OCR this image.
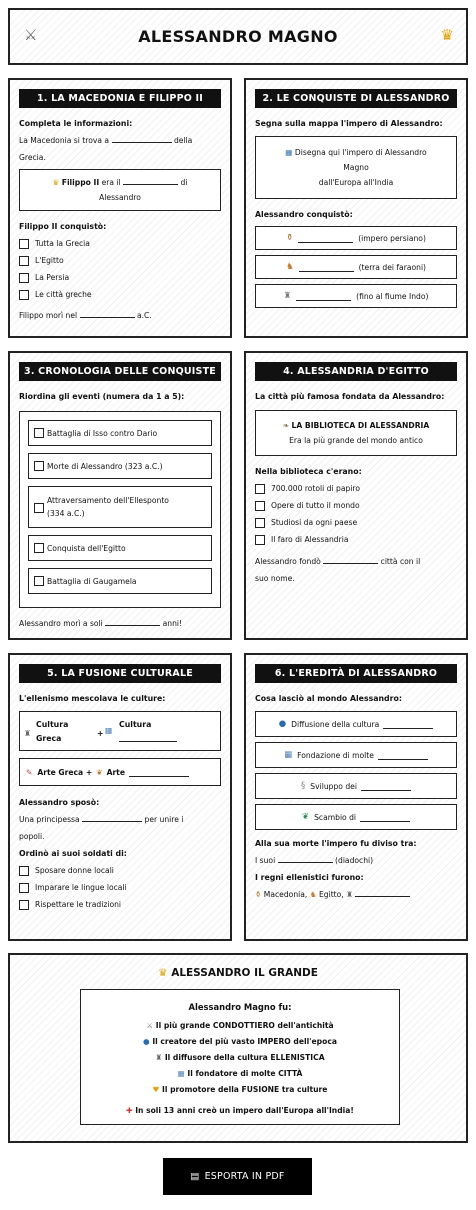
⚔	ALESSANDRO MAGNO	♛
1. LA MACEDONIA E FILIPPO II
Completa le informazioni:
La Macedonia si trova a	della Grecia.
♛ Filippo II era il	di
Alessandro
Filippo II conquistò:
Tutta la Grecia
L'Egitto
La Persia
Le città greche
Filippo morì nel	a.C.
2. LE CONQUISTE DI ALESSANDRO
Segna sulla mappa l'impero di Alessandro:
▦ Disegna qui l'impero di Alessandro
Magno
dall'Europa all'India
Alessandro conquistò:
⚱	(impero persiano)
♞	(terra dei faraoni)
♜	(fino al fiume Indo)
3. CRONOLOGIA DELLE CONQUISTE
Riordina gli eventi (numera da 1 a 5):
Battaglia di Isso contro Dario
Morte di Alessandro (323 a.C.)
Attraversamento dell'Ellesponto
(334 a.C.)
Conquista dell'Egitto
Battaglia di Gaugamela
Alessandro morì a soli	anni!
4. ALESSANDRIA D'EGITTO
La città più famosa fondata da Alessandro:
❧ LA BIBLIOTECA DI ALESSANDRIA
Era la più grande del mondo antico
Nella biblioteca c'erano:
700.000 rotoli di papiro
Opere di tutto il mondo
Studiosi da ogni paese
Il faro di Alessandria
Alessandro fondò	città con il
suo nome.
5. LA FUSIONE CULTURALE
L'ellenismo mescolava le culture:
♜
Cultura
Greca
+ ▦
Cultura
✎ Arte Greca + ❦ Arte
Alessandro sposò:
Una principessa	per unire i
popoli.
Ordinò ai suoi soldati di:
Sposare donne locali
Imparare le lingue locali
Rispettare le tradizioni
6. L'EREDITÀ DI ALESSANDRO
Cosa lasciò al mondo Alessandro:
● Diffusione della cultura
▦ Fondazione di molte
§ Sviluppo dei
❦ Scambio di
Alla sua morte l'impero fu diviso tra:
I suoi	(diadochi)
I regni ellenistici furono:
⚱ Macedonia, ♞ Egitto, ♜
♛ ALESSANDRO IL GRANDE
Alessandro Magno fu:
⚔ Il più grande CONDOTTIERO dell'antichità
● Il creatore del più vasto IMPERO dell'epoca
♜ Il diffusore della cultura ELLENISTICA
▦ Il fondatore di molte CITTÀ
♥ Il promotore della FUSIONE tra culture
✚ In soli 13 anni creò un impero dall'Europa all'India!
▤ ESPORTA IN PDF
